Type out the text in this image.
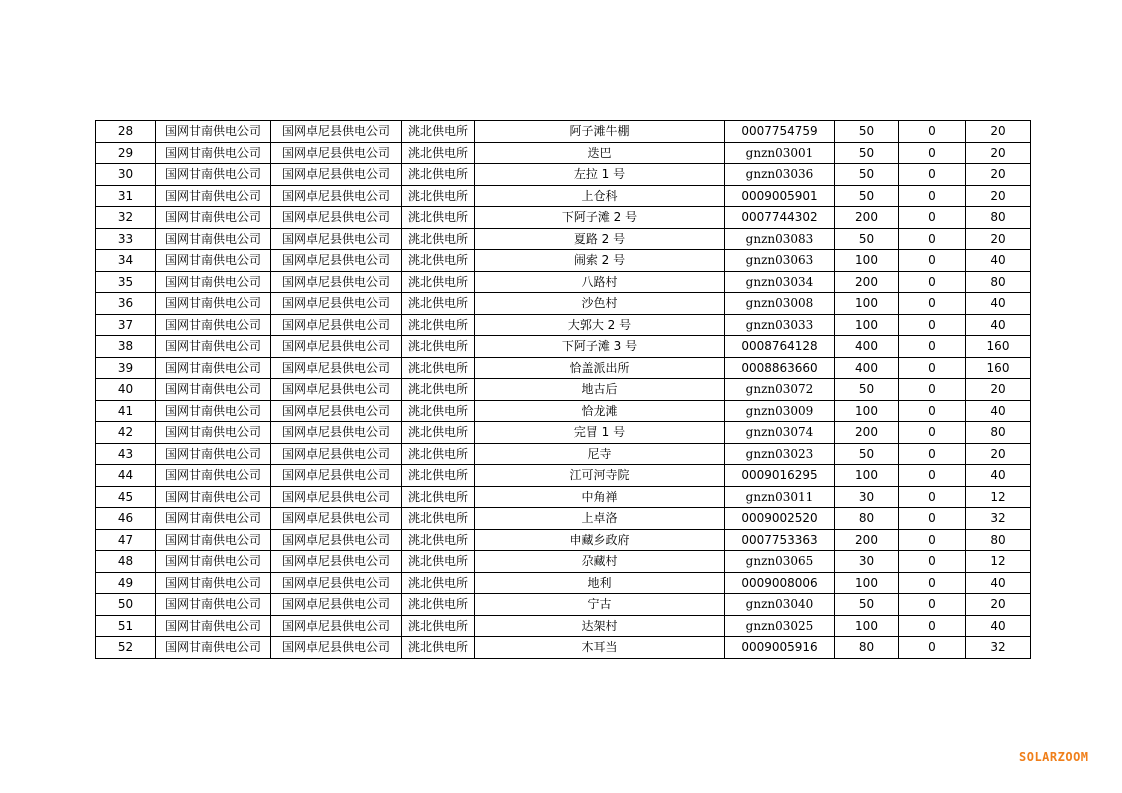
28	国网甘南供电公司	国网卓尼县供电公司	洮北供电所	阿子滩牛棚	0007754759	50	0	20
29	国网甘南供电公司	国网卓尼县供电公司	洮北供电所	迭巴	gnzn03001	50	0	20
30	国网甘南供电公司	国网卓尼县供电公司	洮北供电所	左拉 1 号	gnzn03036	50	0	20
31	国网甘南供电公司	国网卓尼县供电公司	洮北供电所	上仓科	0009005901	50	0	20
32	国网甘南供电公司	国网卓尼县供电公司	洮北供电所	下阿子滩 2 号	0007744302	200	0	80
33	国网甘南供电公司	国网卓尼县供电公司	洮北供电所	夏路 2 号	gnzn03083	50	0	20
34	国网甘南供电公司	国网卓尼县供电公司	洮北供电所	闹索 2 号	gnzn03063	100	0	40
35	国网甘南供电公司	国网卓尼县供电公司	洮北供电所	八路村	gnzn03034	200	0	80
36	国网甘南供电公司	国网卓尼县供电公司	洮北供电所	沙色村	gnzn03008	100	0	40
37	国网甘南供电公司	国网卓尼县供电公司	洮北供电所	大郭大 2 号	gnzn03033	100	0	40
38	国网甘南供电公司	国网卓尼县供电公司	洮北供电所	下阿子滩 3 号	0008764128	400	0	160
39	国网甘南供电公司	国网卓尼县供电公司	洮北供电所	恰盖派出所	0008863660	400	0	160
40	国网甘南供电公司	国网卓尼县供电公司	洮北供电所	地古后	gnzn03072	50	0	20
41	国网甘南供电公司	国网卓尼县供电公司	洮北供电所	恰龙滩	gnzn03009	100	0	40
42	国网甘南供电公司	国网卓尼县供电公司	洮北供电所	完冒 1 号	gnzn03074	200	0	80
43	国网甘南供电公司	国网卓尼县供电公司	洮北供电所	尼寺	gnzn03023	50	0	20
44	国网甘南供电公司	国网卓尼县供电公司	洮北供电所	江可河寺院	0009016295	100	0	40
45	国网甘南供电公司	国网卓尼县供电公司	洮北供电所	中角禅	gnzn03011	30	0	12
46	国网甘南供电公司	国网卓尼县供电公司	洮北供电所	上卓洛	0009002520	80	0	32
47	国网甘南供电公司	国网卓尼县供电公司	洮北供电所	申藏乡政府	0007753363	200	0	80
48	国网甘南供电公司	国网卓尼县供电公司	洮北供电所	尕藏村	gnzn03065	30	0	12
49	国网甘南供电公司	国网卓尼县供电公司	洮北供电所	地利	0009008006	100	0	40
50	国网甘南供电公司	国网卓尼县供电公司	洮北供电所	宁古	gnzn03040	50	0	20
51	国网甘南供电公司	国网卓尼县供电公司	洮北供电所	达架村	gnzn03025	100	0	40
52	国网甘南供电公司	国网卓尼县供电公司	洮北供电所	木耳当	0009005916	80	0	32
SOLARZOOM
